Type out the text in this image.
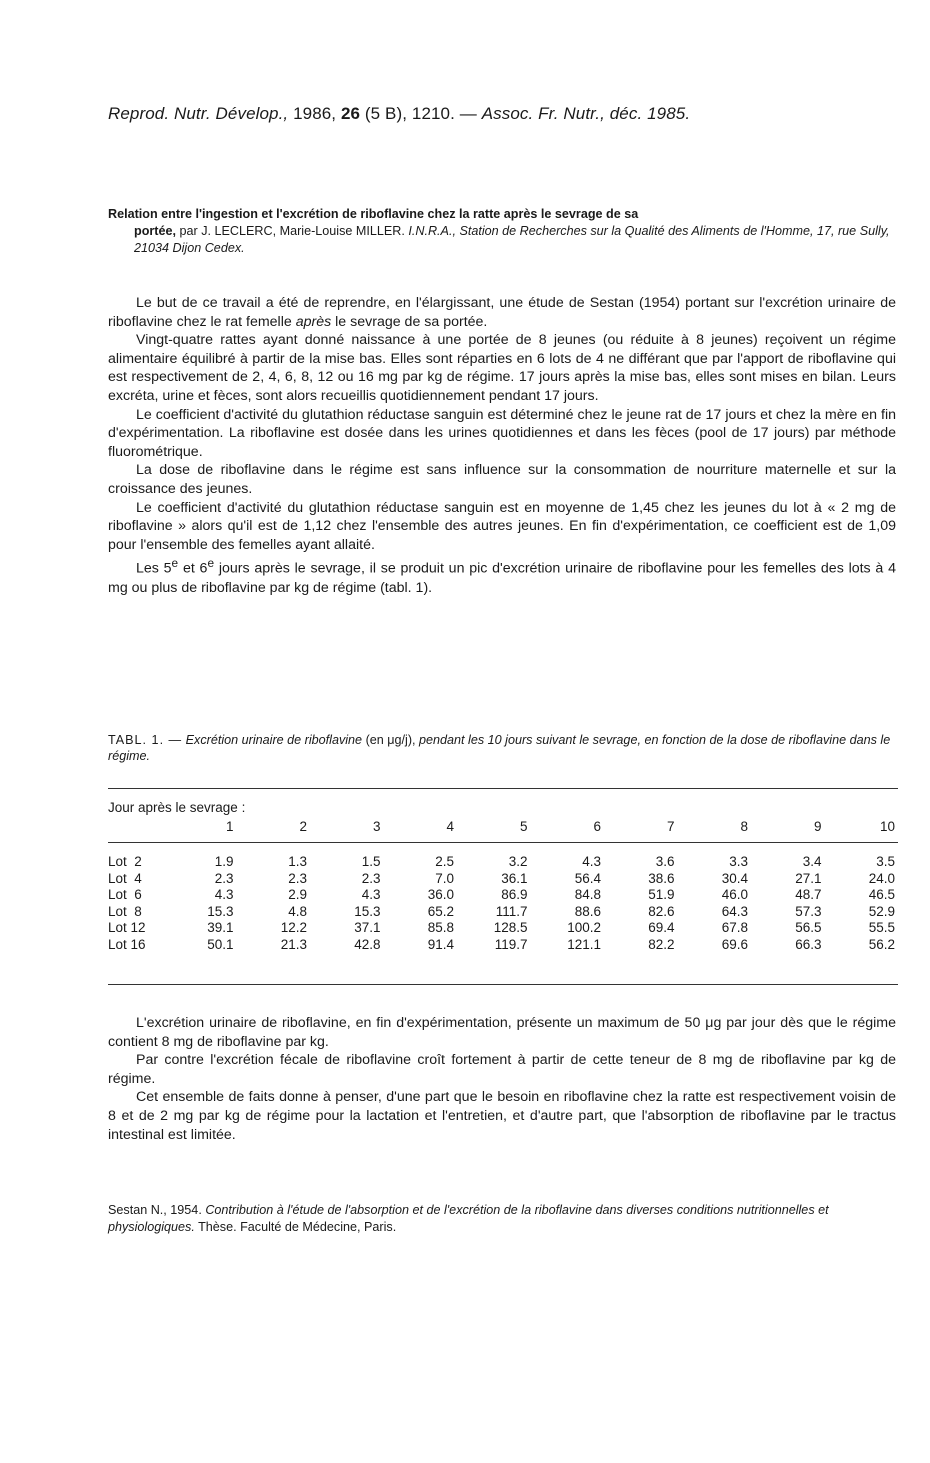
Reprod. Nutr. Dévelop., 1986, 26 (5 B), 1210. — Assoc. Fr. Nutr., déc. 1985.
Relation entre l'ingestion et l'excrétion de riboflavine chez la ratte après le sevrage de sa
portée, par J. LECLERC, Marie-Louise MILLER. I.N.R.A., Station de Recherches sur la Qualité des Aliments de l'Homme, 17, rue Sully, 21034 Dijon Cedex.

Le but de ce travail a été de reprendre, en l'élargissant, une étude de Sestan (1954) portant sur l'excrétion urinaire de riboflavine chez le rat femelle après le sevrage de sa portée.

Vingt-quatre rattes ayant donné naissance à une portée de 8 jeunes (ou réduite à 8 jeunes) reçoivent un régime alimentaire équilibré à partir de la mise bas. Elles sont réparties en 6 lots de 4 ne différant que par l'apport de riboflavine qui est respectivement de 2, 4, 6, 8, 12 ou 16 mg par kg de régime. 17 jours après la mise bas, elles sont mises en bilan. Leurs excréta, urine et fèces, sont alors recueillis quotidiennement pendant 17 jours.

Le coefficient d'activité du glutathion réductase sanguin est déterminé chez le jeune rat de 17 jours et chez la mère en fin d'expérimentation. La riboflavine est dosée dans les urines quotidiennes et dans les fèces (pool de 17 jours) par méthode fluorométrique.

La dose de riboflavine dans le régime est sans influence sur la consommation de nourriture maternelle et sur la croissance des jeunes.

Le coefficient d'activité du glutathion réductase sanguin est en moyenne de 1,45 chez les jeunes du lot à « 2 mg de riboflavine » alors qu'il est de 1,12 chez l'ensemble des autres jeunes. En fin d'expérimentation, ce coefficient est de 1,09 pour l'ensemble des femelles ayant allaité.

Les 5e et 6e jours après le sevrage, il se produit un pic d'excrétion urinaire de riboflavine pour les femelles des lots à 4 mg ou plus de riboflavine par kg de régime (tabl. 1).

TABL. 1. — Excrétion urinaire de riboflavine (en μg/j), pendant les 10 jours suivant le sevrage, en fonction de la dose de riboflavine dans le régime.
Jour après le sevrage :
	1	2	3	4	5	6	7	8	9	10
Lot  2	1.9	1.3	1.5	2.5	3.2	4.3	3.6	3.3	3.4	3.5
Lot  4	2.3	2.3	2.3	7.0	36.1	56.4	38.6	30.4	27.1	24.0
Lot  6	4.3	2.9	4.3	36.0	86.9	84.8	51.9	46.0	48.7	46.5
Lot  8	15.3	4.8	15.3	65.2	111.7	88.6	82.6	64.3	57.3	52.9
Lot 12	39.1	12.2	37.1	85.8	128.5	100.2	69.4	67.8	56.5	55.5
Lot 16	50.1	21.3	42.8	91.4	119.7	121.1	82.2	69.6	66.3	56.2

L'excrétion urinaire de riboflavine, en fin d'expérimentation, présente un maximum de 50 μg par jour dès que le régime contient 8 mg de riboflavine par kg.

Par contre l'excrétion fécale de riboflavine croît fortement à partir de cette teneur de 8 mg de riboflavine par kg de régime.

Cet ensemble de faits donne à penser, d'une part que le besoin en riboflavine chez la ratte est respectivement voisin de 8 et de 2 mg par kg de régime pour la lactation et l'entretien, et d'autre part, que l'absorption de riboflavine par le tractus intestinal est limitée.

Sestan N., 1954. Contribution à l'étude de l'absorption et de l'excrétion de la riboflavine dans diverses conditions nutritionnelles et physiologiques. Thèse. Faculté de Médecine, Paris.
